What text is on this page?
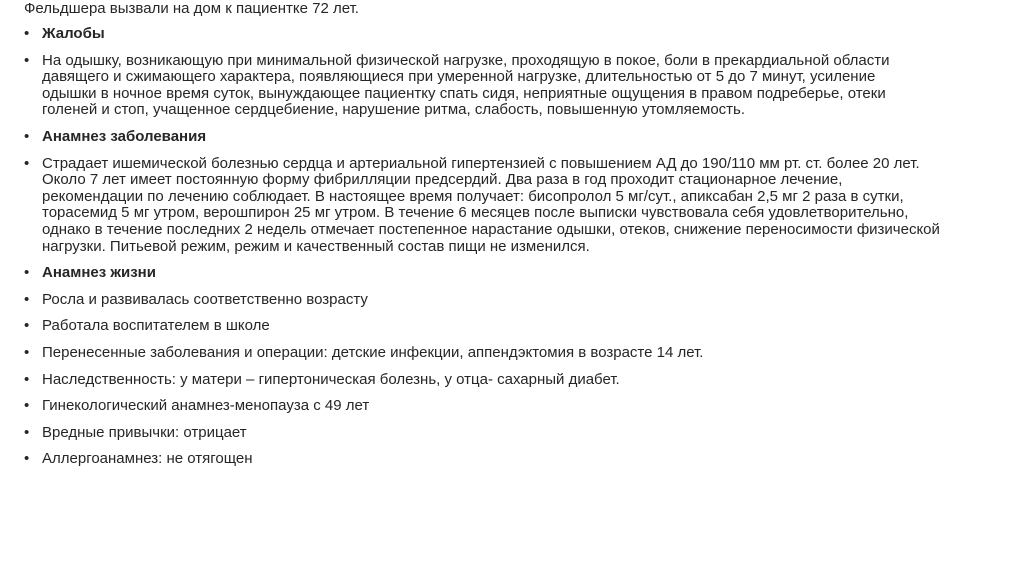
Фельдшера вызвали на дом к пациентке 72 лет.
• Жалобы
• На одышку, возникающую при минимальной физической нагрузке, проходящую в покое, боли в прекардиальной области давящего и сжимающего характера, появляющиеся при умеренной нагрузке, длительностью от 5 до 7 минут, усиление одышки в ночное время суток, вынуждающее пациентку спать сидя, неприятные ощущения в правом подреберье, отеки голеней и стоп, учащенное сердцебиение, нарушение ритма, слабость, повышенную утомляемость.
• Анамнез заболевания
• Страдает ишемической болезнью сердца и артериальной гипертензией с повышением АД до 190/110 мм рт. ст. более 20 лет. Около 7 лет имеет постоянную форму фибрилляции предсердий. Два раза в год проходит стационарное лечение, рекомендации по лечению соблюдает. В настоящее время получает: бисопролол 5 мг/сут., апиксабан 2,5 мг 2 раза в сутки, торасемид 5 мг утром, верошпирон 25 мг утром. В течение 6 месяцев после выписки чувствовала себя удовлетворительно, однако в течение последних 2 недель отмечает постепенное нарастание одышки, отеков, снижение переносимости физической нагрузки. Питьевой режим, режим и качественный состав пищи не изменился.
• Анамнез жизни
• Росла и развивалась соответственно возрасту
• Работала воспитателем в школе
• Перенесенные заболевания и операции: детские инфекции, аппендэктомия в возрасте 14 лет.
• Наследственность: у матери – гипертоническая болезнь, у отца- сахарный диабет.
• Гинекологический анамнез-менопауза с 49 лет
• Вредные привычки: отрицает
• Аллергоанамнез: не отягощен
